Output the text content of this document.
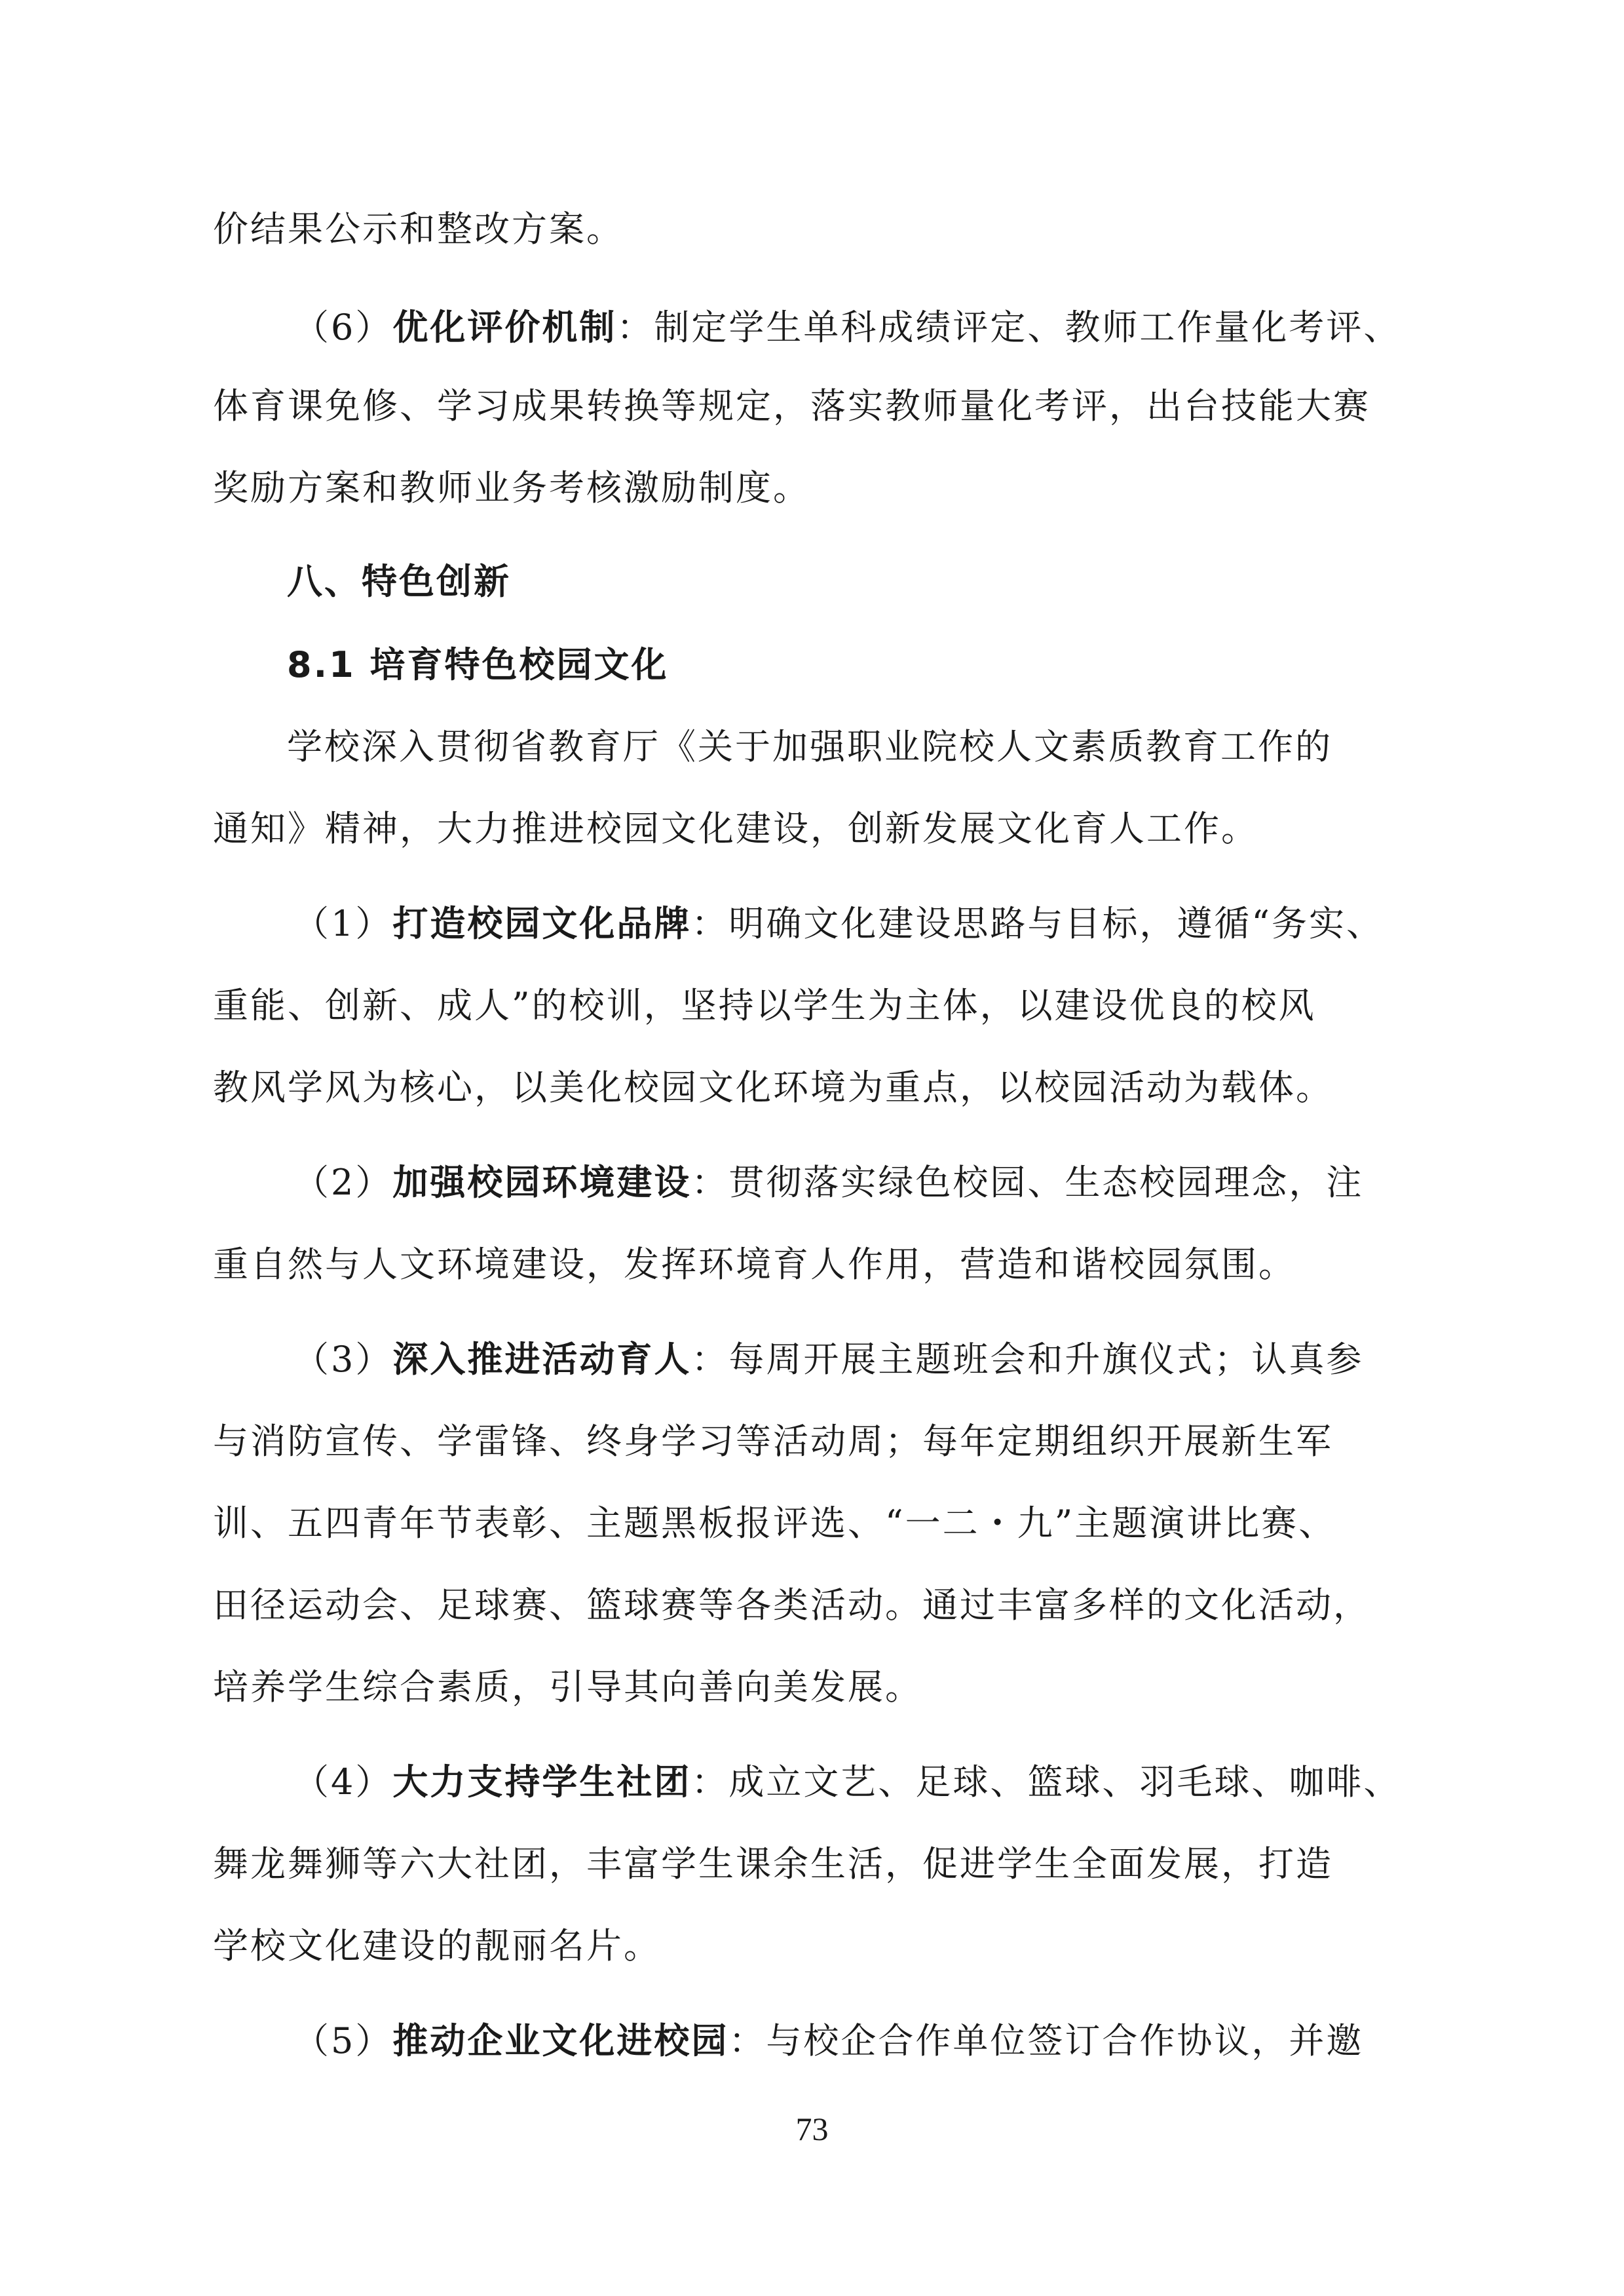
价结果公示和整改方案。
（6）优化评价机制：制定学生单科成绩评定、教师工作量化考评、
体育课免修、学习成果转换等规定，落实教师量化考评，出台技能大赛
奖励方案和教师业务考核激励制度。
八、特色创新
8.1 培育特色校园文化
学校深入贯彻省教育厅《关于加强职业院校人文素质教育工作的
通知》精神，大力推进校园文化建设，创新发展文化育人工作。
（1）打造校园文化品牌：明确文化建设思路与目标，遵循“务实、
重能、创新、成人”的校训，坚持以学生为主体，以建设优良的校风
教风学风为核心，以美化校园文化环境为重点，以校园活动为载体。
（2）加强校园环境建设：贯彻落实绿色校园、生态校园理念，注
重自然与人文环境建设，发挥环境育人作用，营造和谐校园氛围。
（3）深入推进活动育人：每周开展主题班会和升旗仪式；认真参
与消防宣传、学雷锋、终身学习等活动周；每年定期组织开展新生军
训、五四青年节表彰、主题黑板报评选、“一二・九”主题演讲比赛、
田径运动会、足球赛、篮球赛等各类活动。通过丰富多样的文化活动，
培养学生综合素质，引导其向善向美发展。
（4）大力支持学生社团：成立文艺、足球、篮球、羽毛球、咖啡、
舞龙舞狮等六大社团，丰富学生课余生活，促进学生全面发展，打造
学校文化建设的靓丽名片。
（5）推动企业文化进校园：与校企合作单位签订合作协议，并邀
73
